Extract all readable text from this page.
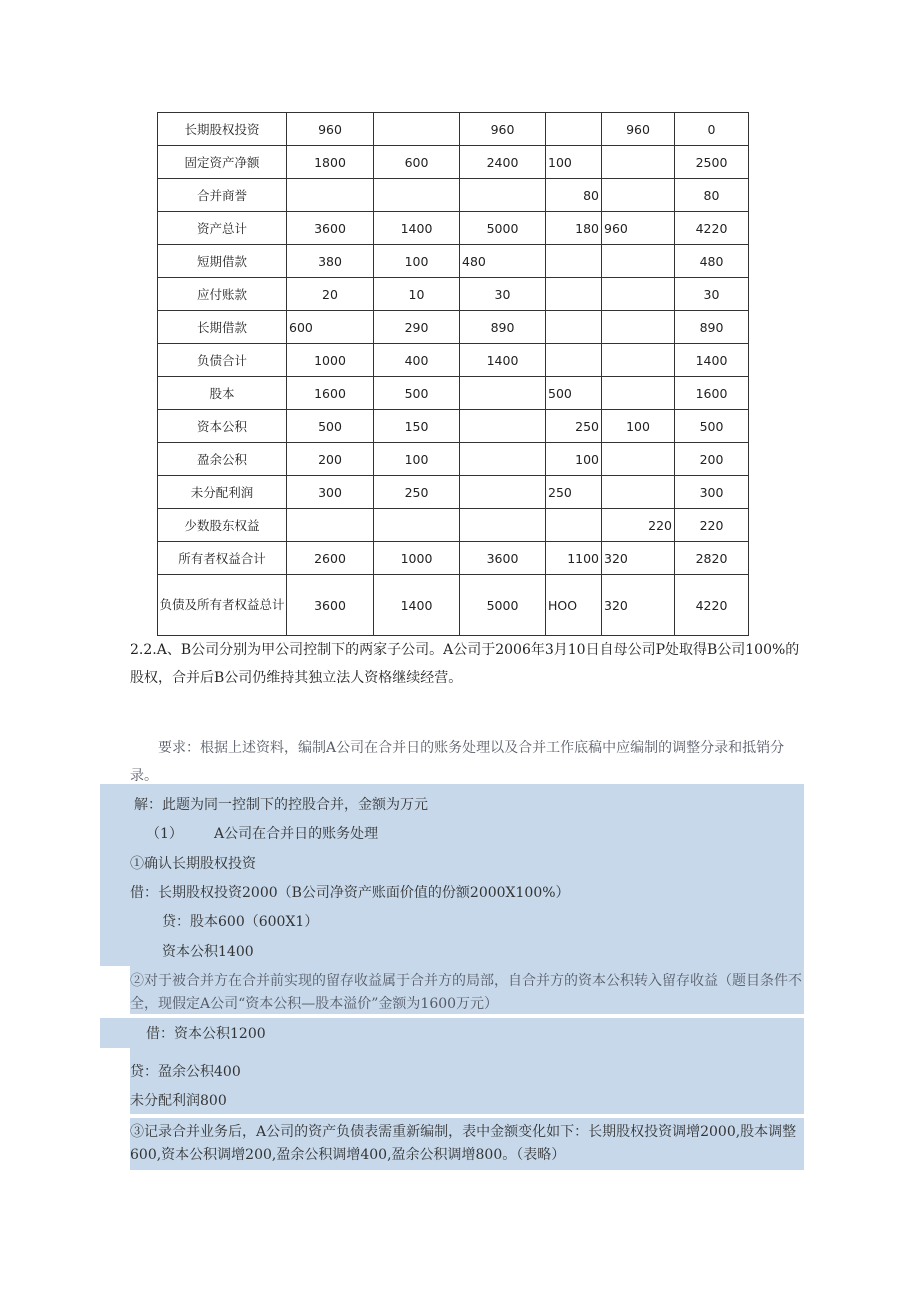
长期股权投资	960		960		960	0
固定资产净额	1800	600	2400	100		2500
合并商誉				80		80
资产总计	3600	1400	5000	180	960	4220
短期借款	380	100	480			480
应付账款	20	10	30			30
长期借款	600	290	890			890
负债合计	1000	400	1400			1400
股本	1600	500		500		1600
资本公积	500	150		250	100	500
盈余公积	200	100		100		200
未分配利润	300	250		250		300
少数股东权益					220	220
所有者权益合计	2600	1000	3600	1100	320	2820
负债及所有者权益总计	3600	1400	5000	HOO	320	4220

2.2.A、B公司分别为甲公司控制下的两家子公司。A公司于2006年3月10日自母公司P处取得B公司100%的股权，合并后B公司仍维持其独立法人资格继续经营。

要求：根据上述资料，编制A公司在合并日的账务处理以及合并工作底稿中应编制的调整分录和抵销分录。

解：此题为同一控制下的控股合并，金额为万元
（1） A公司在合并日的账务处理
①确认长期股权投资
借：长期股权投资2000（B公司净资产账面价值的份额2000X100%）
贷：股本600（600X1）
资本公积1400
②对于被合并方在合并前实现的留存收益属于合并方的局部，自合并方的资本公积转入留存收益（题目条件不全，现假定A公司“资本公积—股本溢价”金额为1600万元）
借：资本公积1200
贷：盈余公积400
未分配利润800
③记录合并业务后，A公司的资产负债表需重新编制，表中金额变化如下：长期股权投资调增2000,股本调整600,资本公积调增200,盈余公积调增400,盈余公积调增800。（表略）
